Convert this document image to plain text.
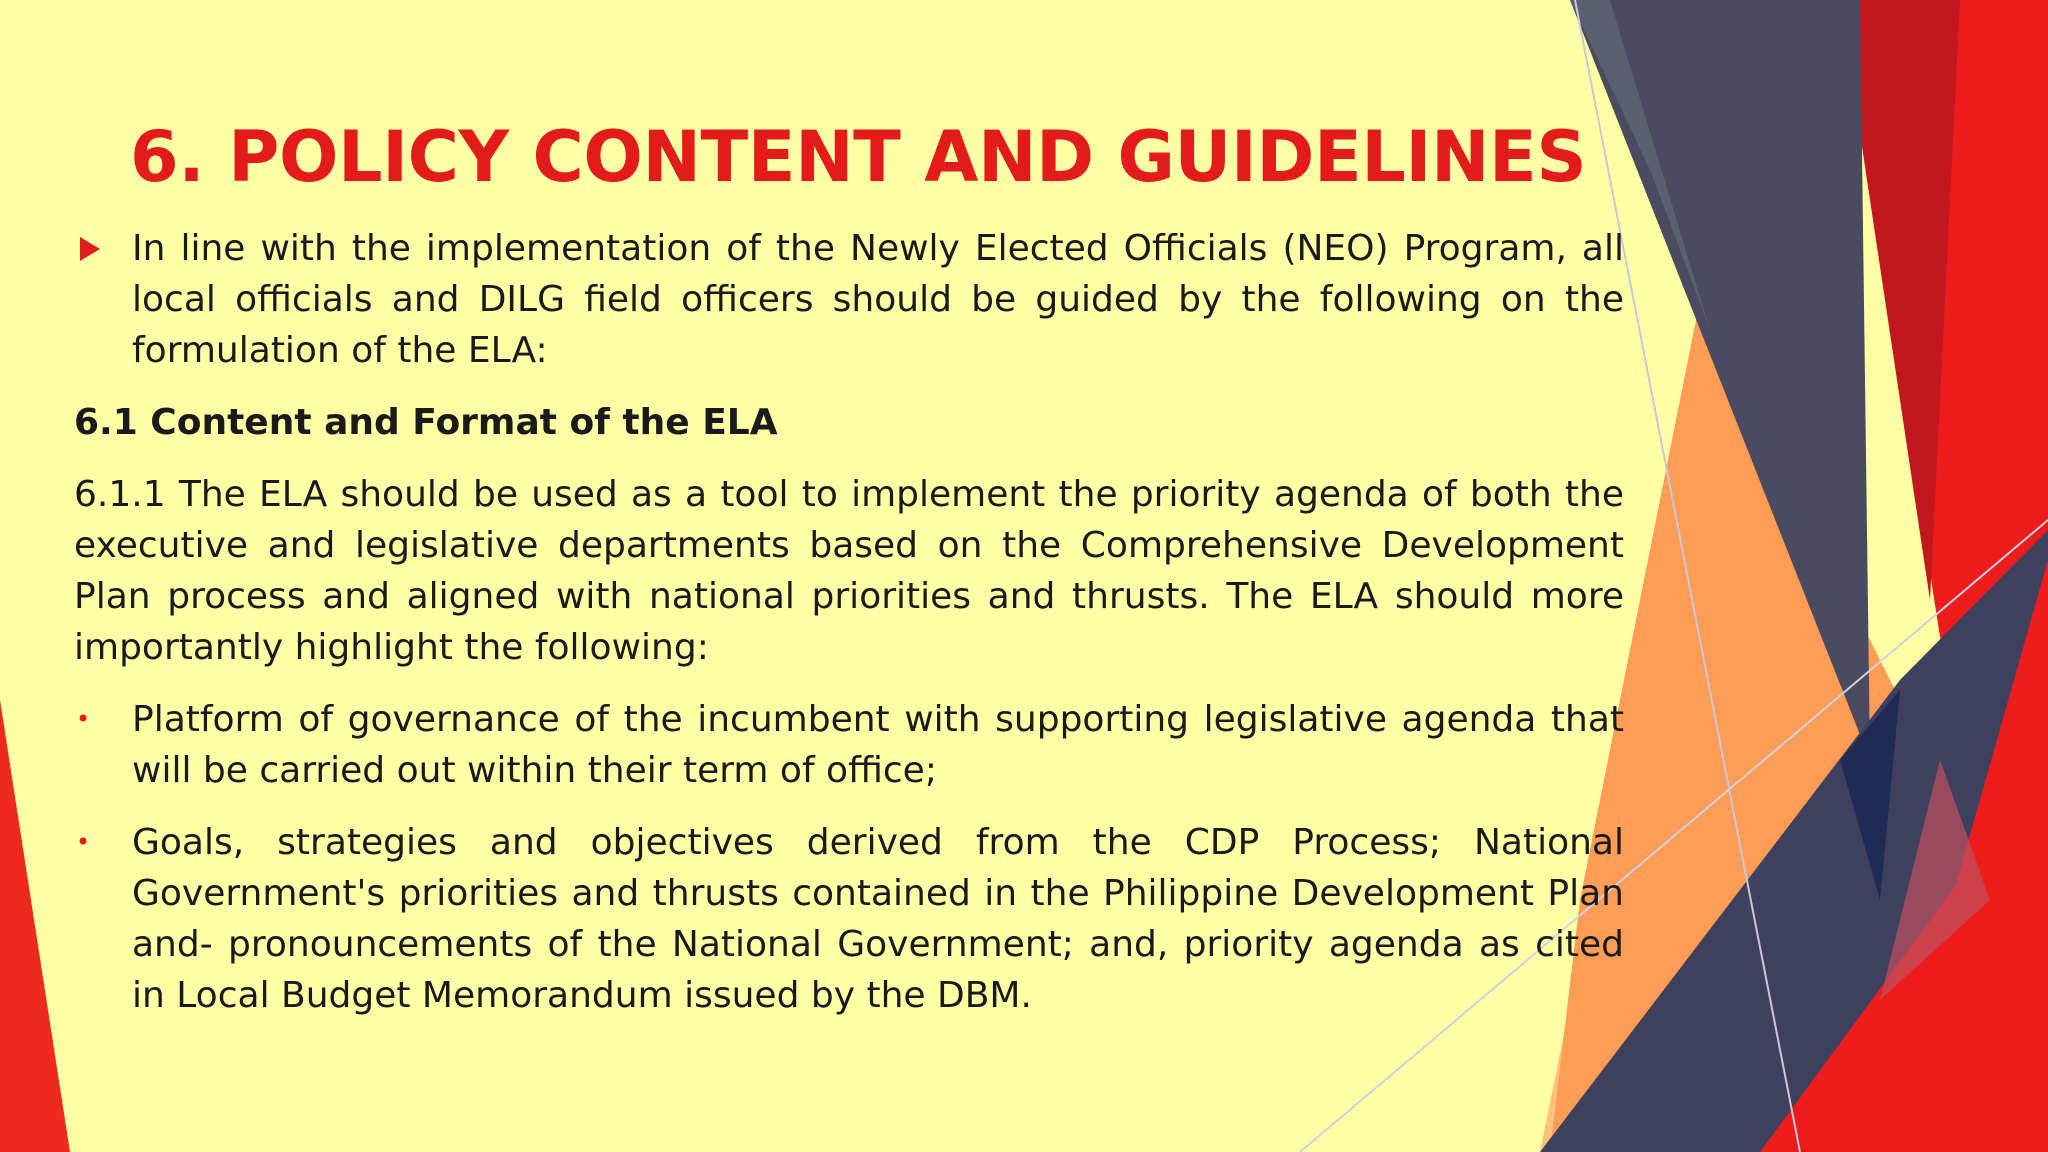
6. POLICY CONTENT AND GUIDELINES

In line with the implementation of the Newly Elected Officials (NEO) Program, all local officials and DILG field officers should be guided by the following on the formulation of the ELA:

6.1 Content and Format of the ELA

6.1.1 The ELA should be used as a tool to implement the priority agenda of both the executive and legislative departments based on the Comprehensive Development Plan process and aligned with national priorities and thrusts. The ELA should more importantly highlight the following:

• Platform of governance of the incumbent with supporting legislative agenda that will be carried out within their term of office;

• Goals, strategies and objectives derived from the CDP Process; National Government's priorities and thrusts contained in the Philippine Development Plan and- pronouncements of the National Government; and, priority agenda as cited in Local Budget Memorandum issued by the DBM.
